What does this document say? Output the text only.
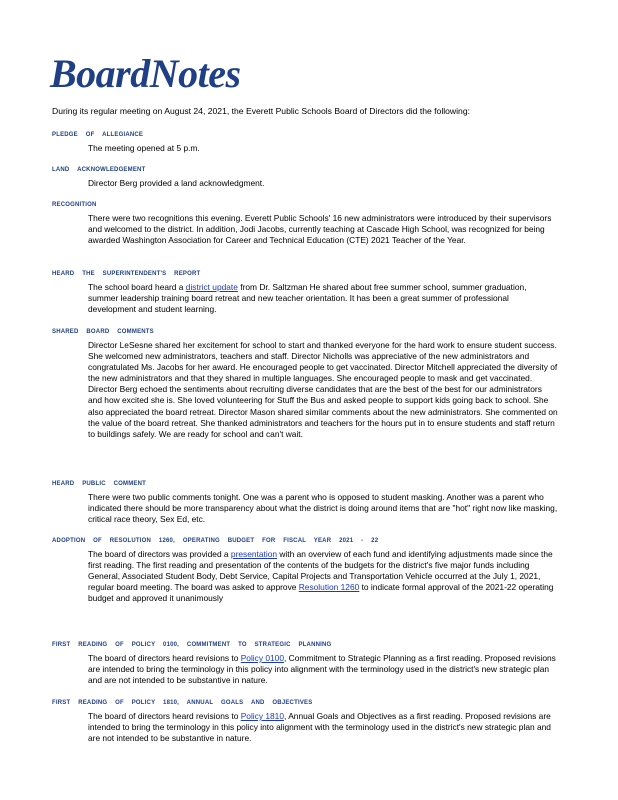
BoardNotes
During its regular meeting on August 24, 2021, the Everett Public Schools Board of Directors did the following:
PLEDGE OF ALLEGIANCE
The meeting opened at 5 p.m.
LAND ACKNOWLEDGEMENT
Director Berg provided a land acknowledgment.
RECOGNITION
There were two recognitions this evening. Everett Public Schools' 16 new administrators were introduced by their supervisors and welcomed to the district. In addition, Jodi Jacobs, currently teaching at Cascade High School, was recognized for being awarded Washington Association for Career and Technical Education (CTE) 2021 Teacher of the Year.
HEARD THE SUPERINTENDENT'S REPORT
The school board heard a district update from Dr. Saltzman He shared about free summer school, summer graduation, summer leadership training board retreat and new teacher orientation. It has been a great summer of professional development and student learning.
SHARED BOARD COMMENTS
Director LeSesne shared her excitement for school to start and thanked everyone for the hard work to ensure student success. She welcomed new administrators, teachers and staff. Director Nicholls was appreciative of the new administrators and congratulated Ms. Jacobs for her award. He encouraged people to get vaccinated. Director Mitchell appreciated the diversity of the new administrators and that they shared in multiple languages. She encouraged people to mask and get vaccinated. Director Berg echoed the sentiments about recruiting diverse candidates that are the best of the best for our administrators and how excited she is. She loved volunteering for Stuff the Bus and asked people to support kids going back to school. She also appreciated the board retreat. Director Mason shared similar comments about the new administrators. She commented on the value of the board retreat. She thanked administrators and teachers for the hours put in to ensure students and staff return to buildings safely. We are ready for school and can't wait.
HEARD PUBLIC COMMENT
There were two public comments tonight. One was a parent who is opposed to student masking. Another was a parent who indicated there should be more transparency about what the district is doing around items that are "hot" right now like masking, critical race theory, Sex Ed, etc.
ADOPTION OF RESOLUTION 1260, OPERATING BUDGET FOR FISCAL YEAR 2021 - 22
The board of directors was provided a presentation with an overview of each fund and identifying adjustments made since the first reading. The first reading and presentation of the contents of the budgets for the district's five major funds including General, Associated Student Body, Debt Service, Capital Projects and Transportation Vehicle occurred at the July 1, 2021, regular board meeting. The board was asked to approve Resolution 1260 to indicate formal approval of the 2021-22 operating budget and approved it unanimously
FIRST READING OF POLICY 0100, COMMITMENT TO STRATEGIC PLANNING
The board of directors heard revisions to Policy 0100, Commitment to Strategic Planning as a first reading. Proposed revisions are intended to bring the terminology in this policy into alignment with the terminology used in the district's new strategic plan and are not intended to be substantive in nature.
FIRST READING OF POLICY 1810, ANNUAL GOALS AND OBJECTIVES
The board of directors heard revisions to Policy 1810, Annual Goals and Objectives as a first reading. Proposed revisions are intended to bring the terminology in this policy into alignment with the terminology used in the district's new strategic plan and are not intended to be substantive in nature.
